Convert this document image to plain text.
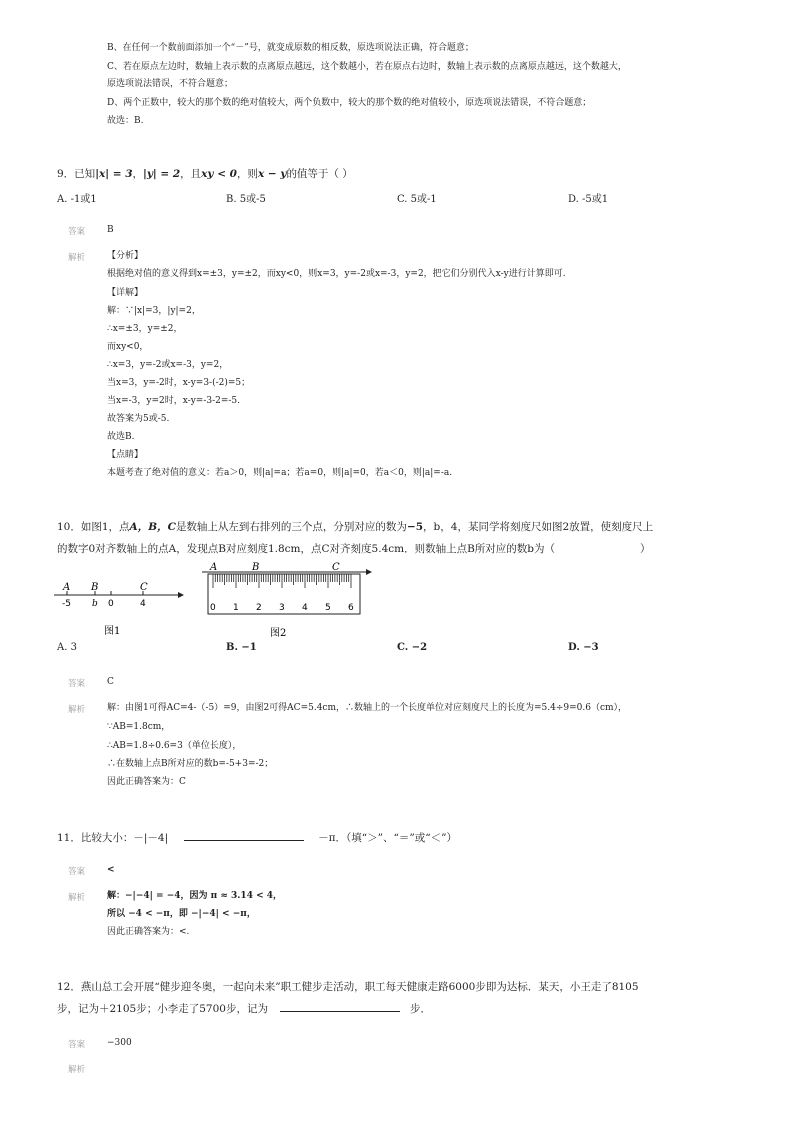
B、在任何一个数前面添加一个“－”号，就变成原数的相反数，原选项说法正确，符合题意；
C、若在原点左边时，数轴上表示数的点离原点越远，这个数越小，若在原点右边时，数轴上表示数的点离原点越远，这个数越大，
原选项说法错误，不符合题意；
D、两个正数中，较大的那个数的绝对值较大，两个负数中，较大的那个数的绝对值较小，原选项说法错误，不符合题意；
故选：B.
9．已知|x| = 3，|y| = 2，且xy < 0，则x − y的值等于（ ）
A. -1或1	B. 5或-5	C. 5或-1	D. -5或1
答案 B
解析 【分析】
根据绝对值的意义得到x=±3，y=±2，而xy<0，则x=3，y=-2或x=-3，y=2，把它们分别代入x-y进行计算即可.
【详解】
解：∵|x|=3，|y|=2，
∴x=±3，y=±2，
而xy<0，
∴x=3，y=-2或x=-3，y=2，
当x=3，y=-2时，x-y=3-(-2)=5；
当x=-3，y=2时，x-y=-3-2=-5.
故答案为5或-5.
故选B.
【点睛】
本题考查了绝对值的意义：若a＞0，则|a|=a；若a=0，则|a|=0，若a＜0，则|a|=-a.
10．如图1，点A，B，C是数轴上从左到右排列的三个点，分别对应的数为−5，b，4，某同学将刻度尺如图2放置，使刻度尺上
的数字0对齐数轴上的点A，发现点B对应刻度1.8cm，点C对齐刻度5.4cm．则数轴上点B所对应的数b为（	）
A B	C
-5 b 0	4
图1
A	B	C
0 1 2 3 4 5 6
图2
A. 3	B. −1	C. −2	D. −3
答案 C
解析 解：由图1可得AC=4-（-5）=9，由图2可得AC=5.4cm，∴数轴上的一个长度单位对应刻度尺上的长度为=5.4÷9=0.6（cm），
∵AB=1.8cm，
∴AB=1.8÷0.6=3（单位长度），
∴在数轴上点B所对应的数b=-5+3=-2；
因此正确答案为：C
11．比较大小：－|－4|	－π．（填“＞”、“＝”或“＜”）
答案 <
解析 解：−|−4| = −4，因为 π ≈ 3.14 < 4，
所以 −4 < −π，即 −|−4| < −π，
因此正确答案为：<.
12．燕山总工会开展“健步迎冬奥，一起向未来”职工健步走活动，职工每天健康走路6000步即为达标．某天，小王走了8105
步，记为＋2105步；小李走了5700步，记为	步．
答案 −300
解析
